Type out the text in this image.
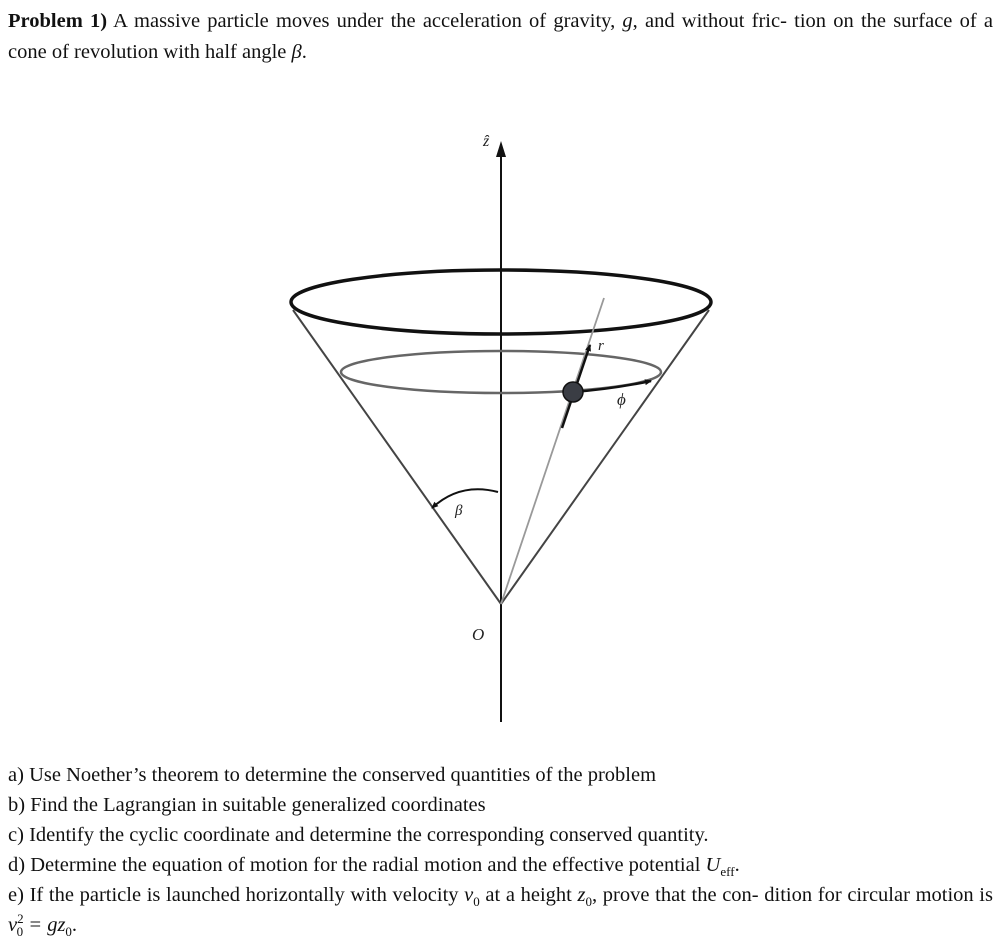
Problem 1) A massive particle moves under the acceleration of gravity, g, and without fric- tion on the surface of a cone of revolution with half angle β.
ẑ
r
ϕ
β
O
a) Use Noether’s theorem to determine the conserved quantities of the problem
b) Find the Lagrangian in suitable generalized coordinates
c) Identify the cyclic coordinate and determine the corresponding conserved quantity.
d) Determine the equation of motion for the radial motion and the effective potential $U_{eff}$.
e) If the particle is launched horizontally with velocity $v_0$ at a height $z_0$, prove that the con- dition for circular motion is $v^2_0 = gz_0$.
